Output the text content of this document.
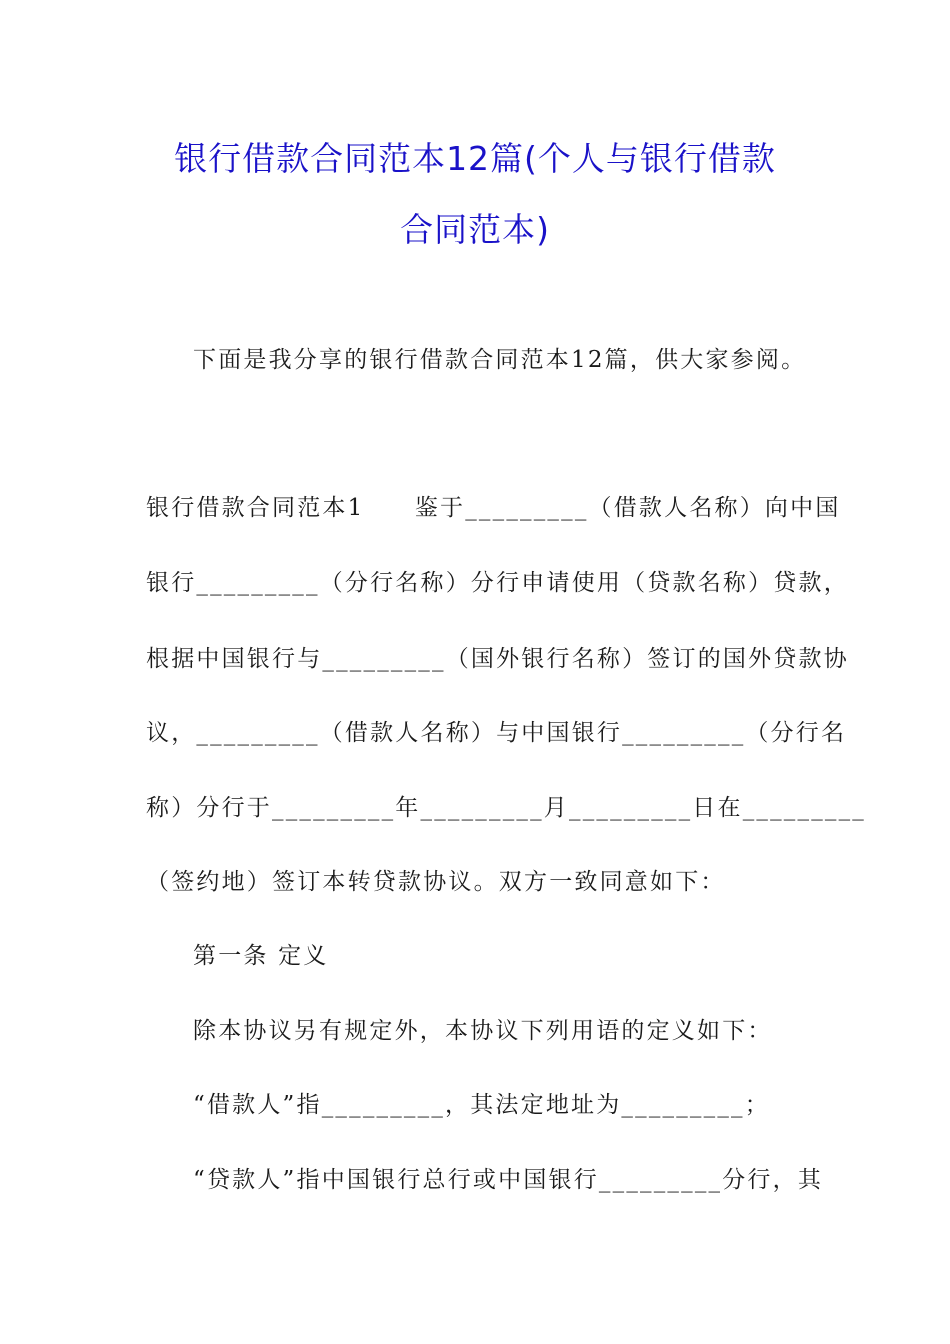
银行借款合同范本12篇(个人与银行借款
合同范本)
下面是我分享的银行借款合同范本12篇，供大家参阅。
银行借款合同范本1　　鉴于_________（借款人名称）向中国
银行_________（分行名称）分行申请使用（贷款名称）贷款，
根据中国银行与_________（国外银行名称）签订的国外贷款协
议，_________（借款人名称）与中国银行_________（分行名
称）分行于_________年_________月_________日在_________
（签约地）签订本转贷款协议。双方一致同意如下：
第一条 定义
除本协议另有规定外，本协议下列用语的定义如下：
“借款人”指_________，其法定地址为_________；
“贷款人”指中国银行总行或中国银行_________分行，其
